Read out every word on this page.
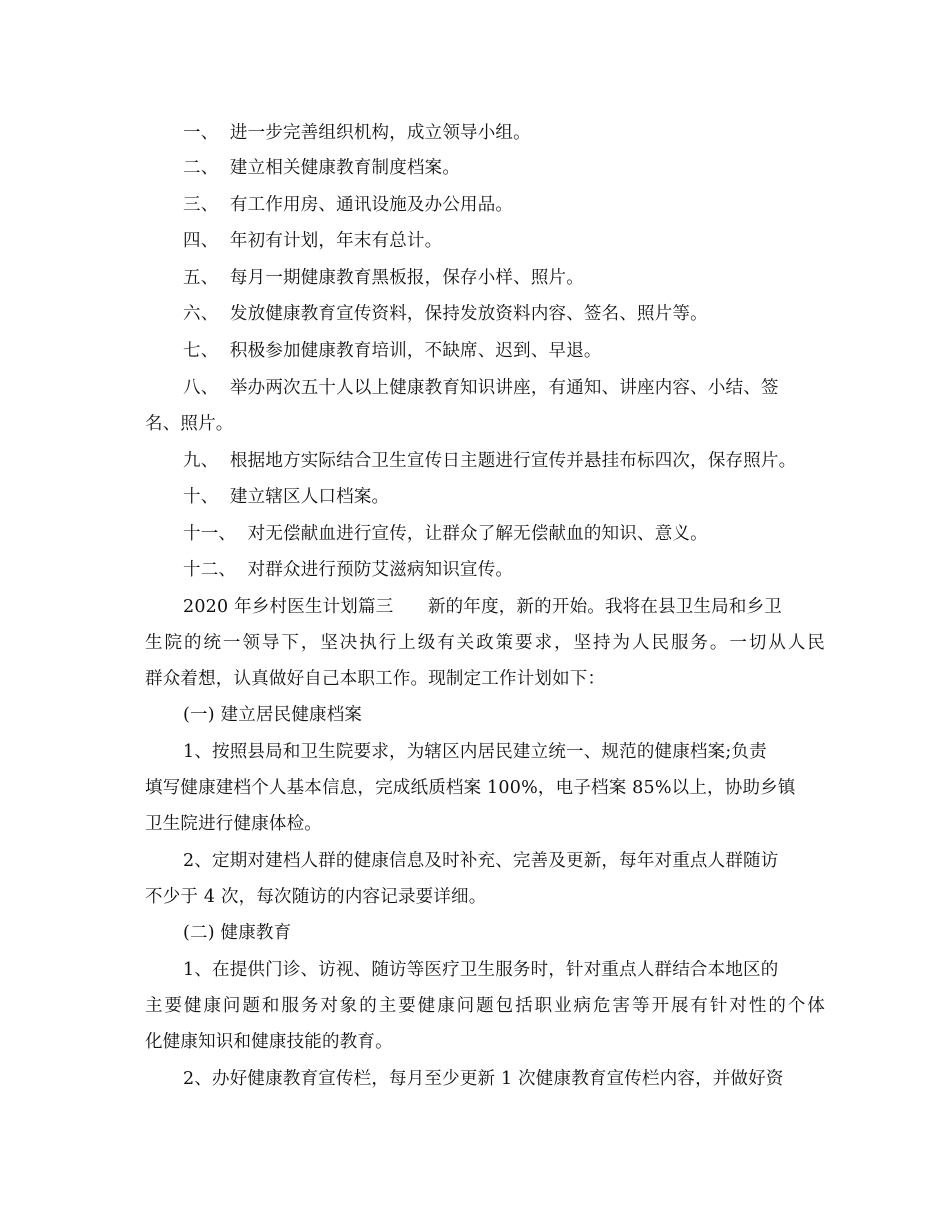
一、  进一步完善组织机构，成立领导小组。
二、  建立相关健康教育制度档案。
三、  有工作用房、通讯设施及办公用品。
四、  年初有计划，年末有总计。
五、  每月一期健康教育黑板报，保存小样、照片。
六、  发放健康教育宣传资料，保持发放资料内容、签名、照片等。
七、  积极参加健康教育培训，不缺席、迟到、早退。
八、  举办两次五十人以上健康教育知识讲座，有通知、讲座内容、小结、签
名、照片。
九、  根据地方实际结合卫生宣传日主题进行宣传并悬挂布标四次，保存照片。
十、  建立辖区人口档案。
十一、  对无偿献血进行宣传，让群众了解无偿献血的知识、意义。
十二、  对群众进行预防艾滋病知识宣传。
2020 年乡村医生计划篇三      新的年度，新的开始。我将在县卫生局和乡卫
生院的统一领导下，坚决执行上级有关政策要求，坚持为人民服务。一切从人民
群众着想，认真做好自己本职工作。现制定工作计划如下：
(一) 建立居民健康档案
1、按照县局和卫生院要求，为辖区内居民建立统一、规范的健康档案;负责
填写健康建档个人基本信息，完成纸质档案 100%，电子档案 85%以上，协助乡镇
卫生院进行健康体检。
2、定期对建档人群的健康信息及时补充、完善及更新，每年对重点人群随访
不少于 4 次，每次随访的内容记录要详细。
(二) 健康教育
1、在提供门诊、访视、随访等医疗卫生服务时，针对重点人群结合本地区的
主要健康问题和服务对象的主要健康问题包括职业病危害等开展有针对性的个体
化健康知识和健康技能的教育。
2、办好健康教育宣传栏，每月至少更新 1 次健康教育宣传栏内容，并做好资
